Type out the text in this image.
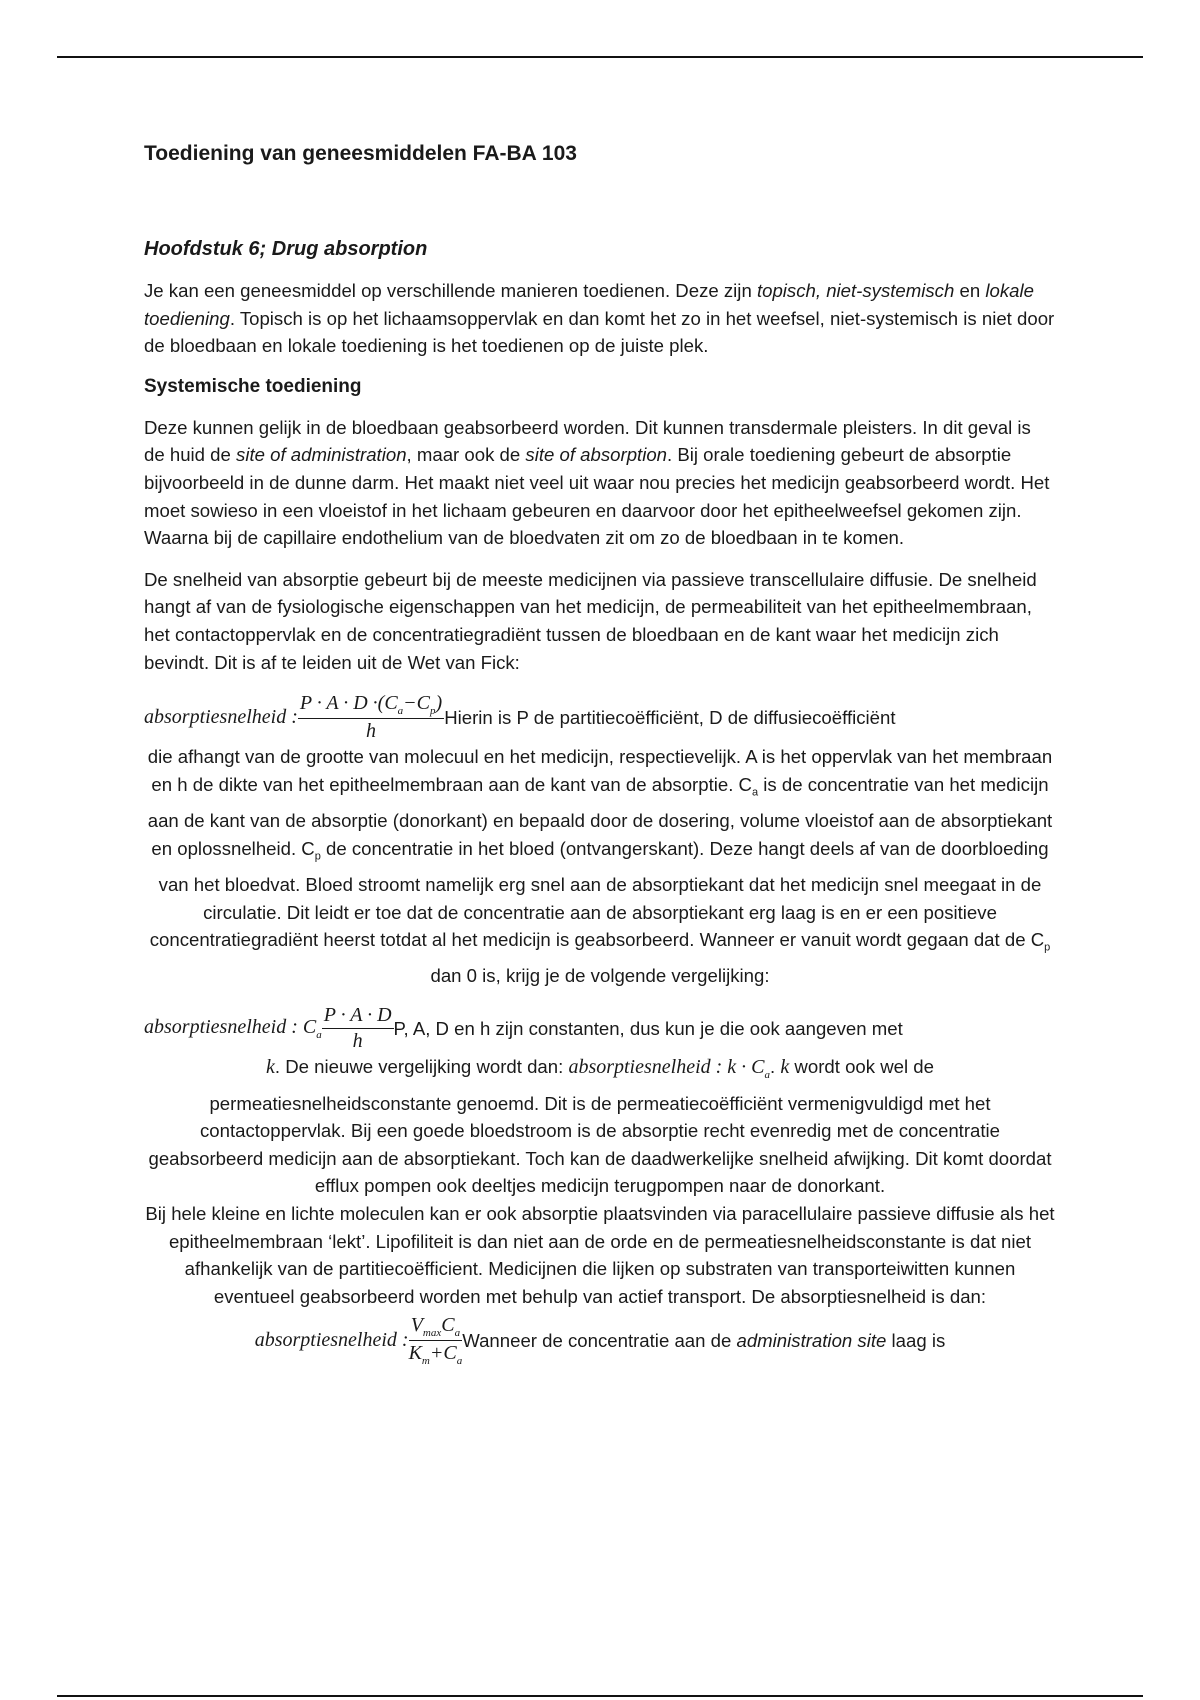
Toediening van geneesmiddelen FA-BA 103
Hoofdstuk 6; Drug absorption

Je kan een geneesmiddel op verschillende manieren toedienen. Deze zijn topisch, niet-systemisch en lokale toediening. Topisch is op het lichaamsoppervlak en dan komt het zo in het weefsel, niet-systemisch is niet door de bloedbaan en lokale toediening is het toedienen op de juiste plek.

Systemische toediening

Deze kunnen gelijk in de bloedbaan geabsorbeerd worden. Dit kunnen transdermale pleisters. In dit geval is de huid de site of administration, maar ook de site of absorption. Bij orale toediening gebeurt de absorptie bijvoorbeeld in de dunne darm. Het maakt niet veel uit waar nou precies het medicijn geabsorbeerd wordt. Het moet sowieso in een vloeistof in het lichaam gebeuren en daarvoor door het epitheelweefsel gekomen zijn. Waarna bij de capillaire endothelium van de bloedvaten zit om zo de bloedbaan in te komen.

De snelheid van absorptie gebeurt bij de meeste medicijnen via passieve transcellulaire diffusie. De snelheid hangt af van de fysiologische eigenschappen van het medicijn, de permeabiliteit van het epitheelmembraan, het contactoppervlak en de concentratiegradiënt tussen de bloedbaan en de kant waar het medicijn zich bevindt. Dit is af te leiden uit de Wet van Fick:

absorptiesnelheid : $\frac{P \cdot A \cdot D \cdot(C_a-C_p)}{h}$ Hierin is P de partitiecoëfficiënt, D de diffusiecoëfficiënt

die afhangt van de grootte van molecuul en het medicijn, respectievelijk. A is het oppervlak van het membraan en h de dikte van het epitheelmembraan aan de kant van de absorptie. $C_a$ is de concentratie van het medicijn aan de kant van de absorptie (donorkant) en bepaald door de dosering, volume vloeistof aan de absorptiekant en oplossnelheid. $C_p$ de concentratie in het bloed (ontvangerskant). Deze hangt deels af van de doorbloeding van het bloedvat. Bloed stroomt namelijk erg snel aan de absorptiekant dat het medicijn snel meegaat in de circulatie. Dit leidt er toe dat de concentratie aan de absorptiekant erg laag is en er een positieve concentratiegradiënt heerst totdat al het medicijn is geabsorbeerd. Wanneer er vanuit wordt gegaan dat de $C_p$ dan 0 is, krijg je de volgende vergelijking:

absorptiesnelheid : $C_a \frac{P \cdot A \cdot D}{h} P$, A, D en h zijn constanten, dus kun je die ook aangeven met

k. De nieuwe vergelijking wordt dan: absorptiesnelheid : $k \cdot C_a$. k wordt ook wel de permeatiesnelheidsconstante genoemd. Dit is de permeatiecoëfficiënt vermenigvuldigd met het contactoppervlak. Bij een goede bloedstroom is de absorptie recht evenredig met de concentratie geabsorbeerd medicijn aan de absorptiekant. Toch kan de daadwerkelijke snelheid afwijking. Dit komt doordat efflux pompen ook deeltjes medicijn terugpompen naar de donorkant.

Bij hele kleine en lichte moleculen kan er ook absorptie plaatsvinden via paracellulaire passieve diffusie als het epitheelmembraan ‘lekt’. Lipofiliteit is dan niet aan de orde en de permeatiesnelheidsconstante is dat niet afhankelijk van de partitiecoëfficient. Medicijnen die lijken op substraten van transporteiwitten kunnen eventueel geabsorbeerd worden met behulp van actief transport. De absorptiesnelheid is dan:

absorptiesnelheid : $\frac{V_{max}C_a}{K_m+C_a}$ Wanneer de concentratie aan de administration site laag is
